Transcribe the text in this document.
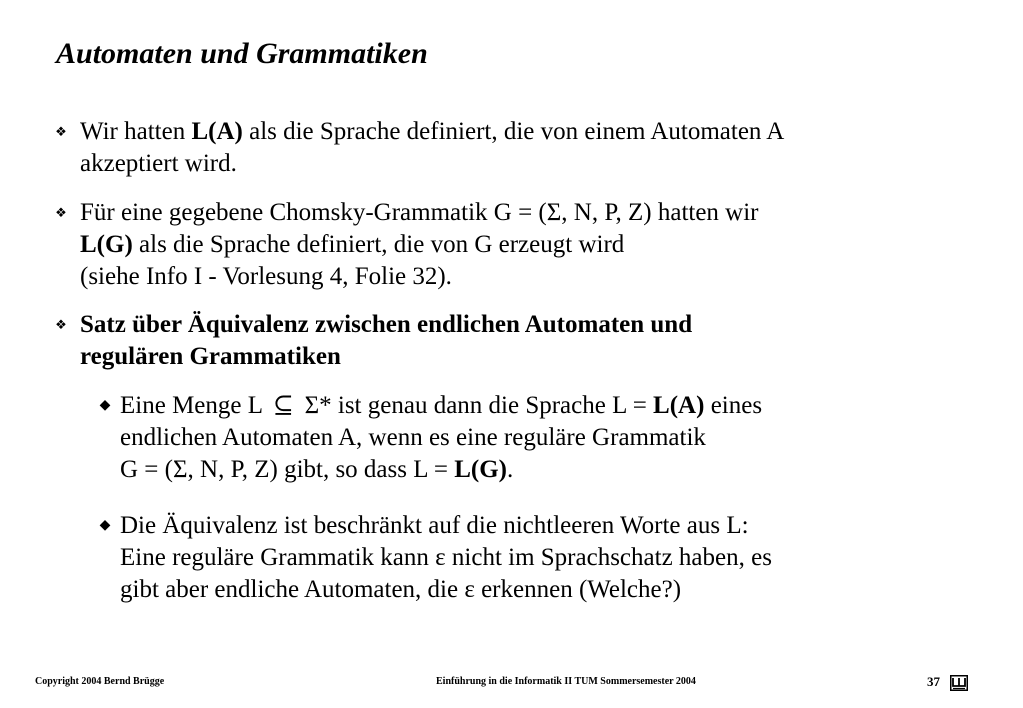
Automaten und Grammatiken
❖ Wir hatten L(A) als die Sprache definiert, die von einem Automaten A
akzeptiert wird.
❖ Für eine gegebene Chomsky-Grammatik G = (Σ, N, P, Z) hatten wir
L(G) als die Sprache definiert, die von G erzeugt wird
(siehe Info I - Vorlesung 4, Folie 32).
❖ Satz über Äquivalenz zwischen endlichen Automaten und
regulären Grammatiken
◆ Eine Menge L ⊆ Σ* ist genau dann die Sprache L = L(A) eines
endlichen Automaten A, wenn es eine reguläre Grammatik
G = (Σ, N, P, Z) gibt, so dass L = L(G).
◆ Die Äquivalenz ist beschränkt auf die nichtleeren Worte aus L:
Eine reguläre Grammatik kann ε nicht im Sprachschatz haben, es
gibt aber endliche Automaten, die ε erkennen (Welche?)
Copyright 2004 Bernd Brügge	Einführung in die Informatik II TUM Sommersemester 2004	37
